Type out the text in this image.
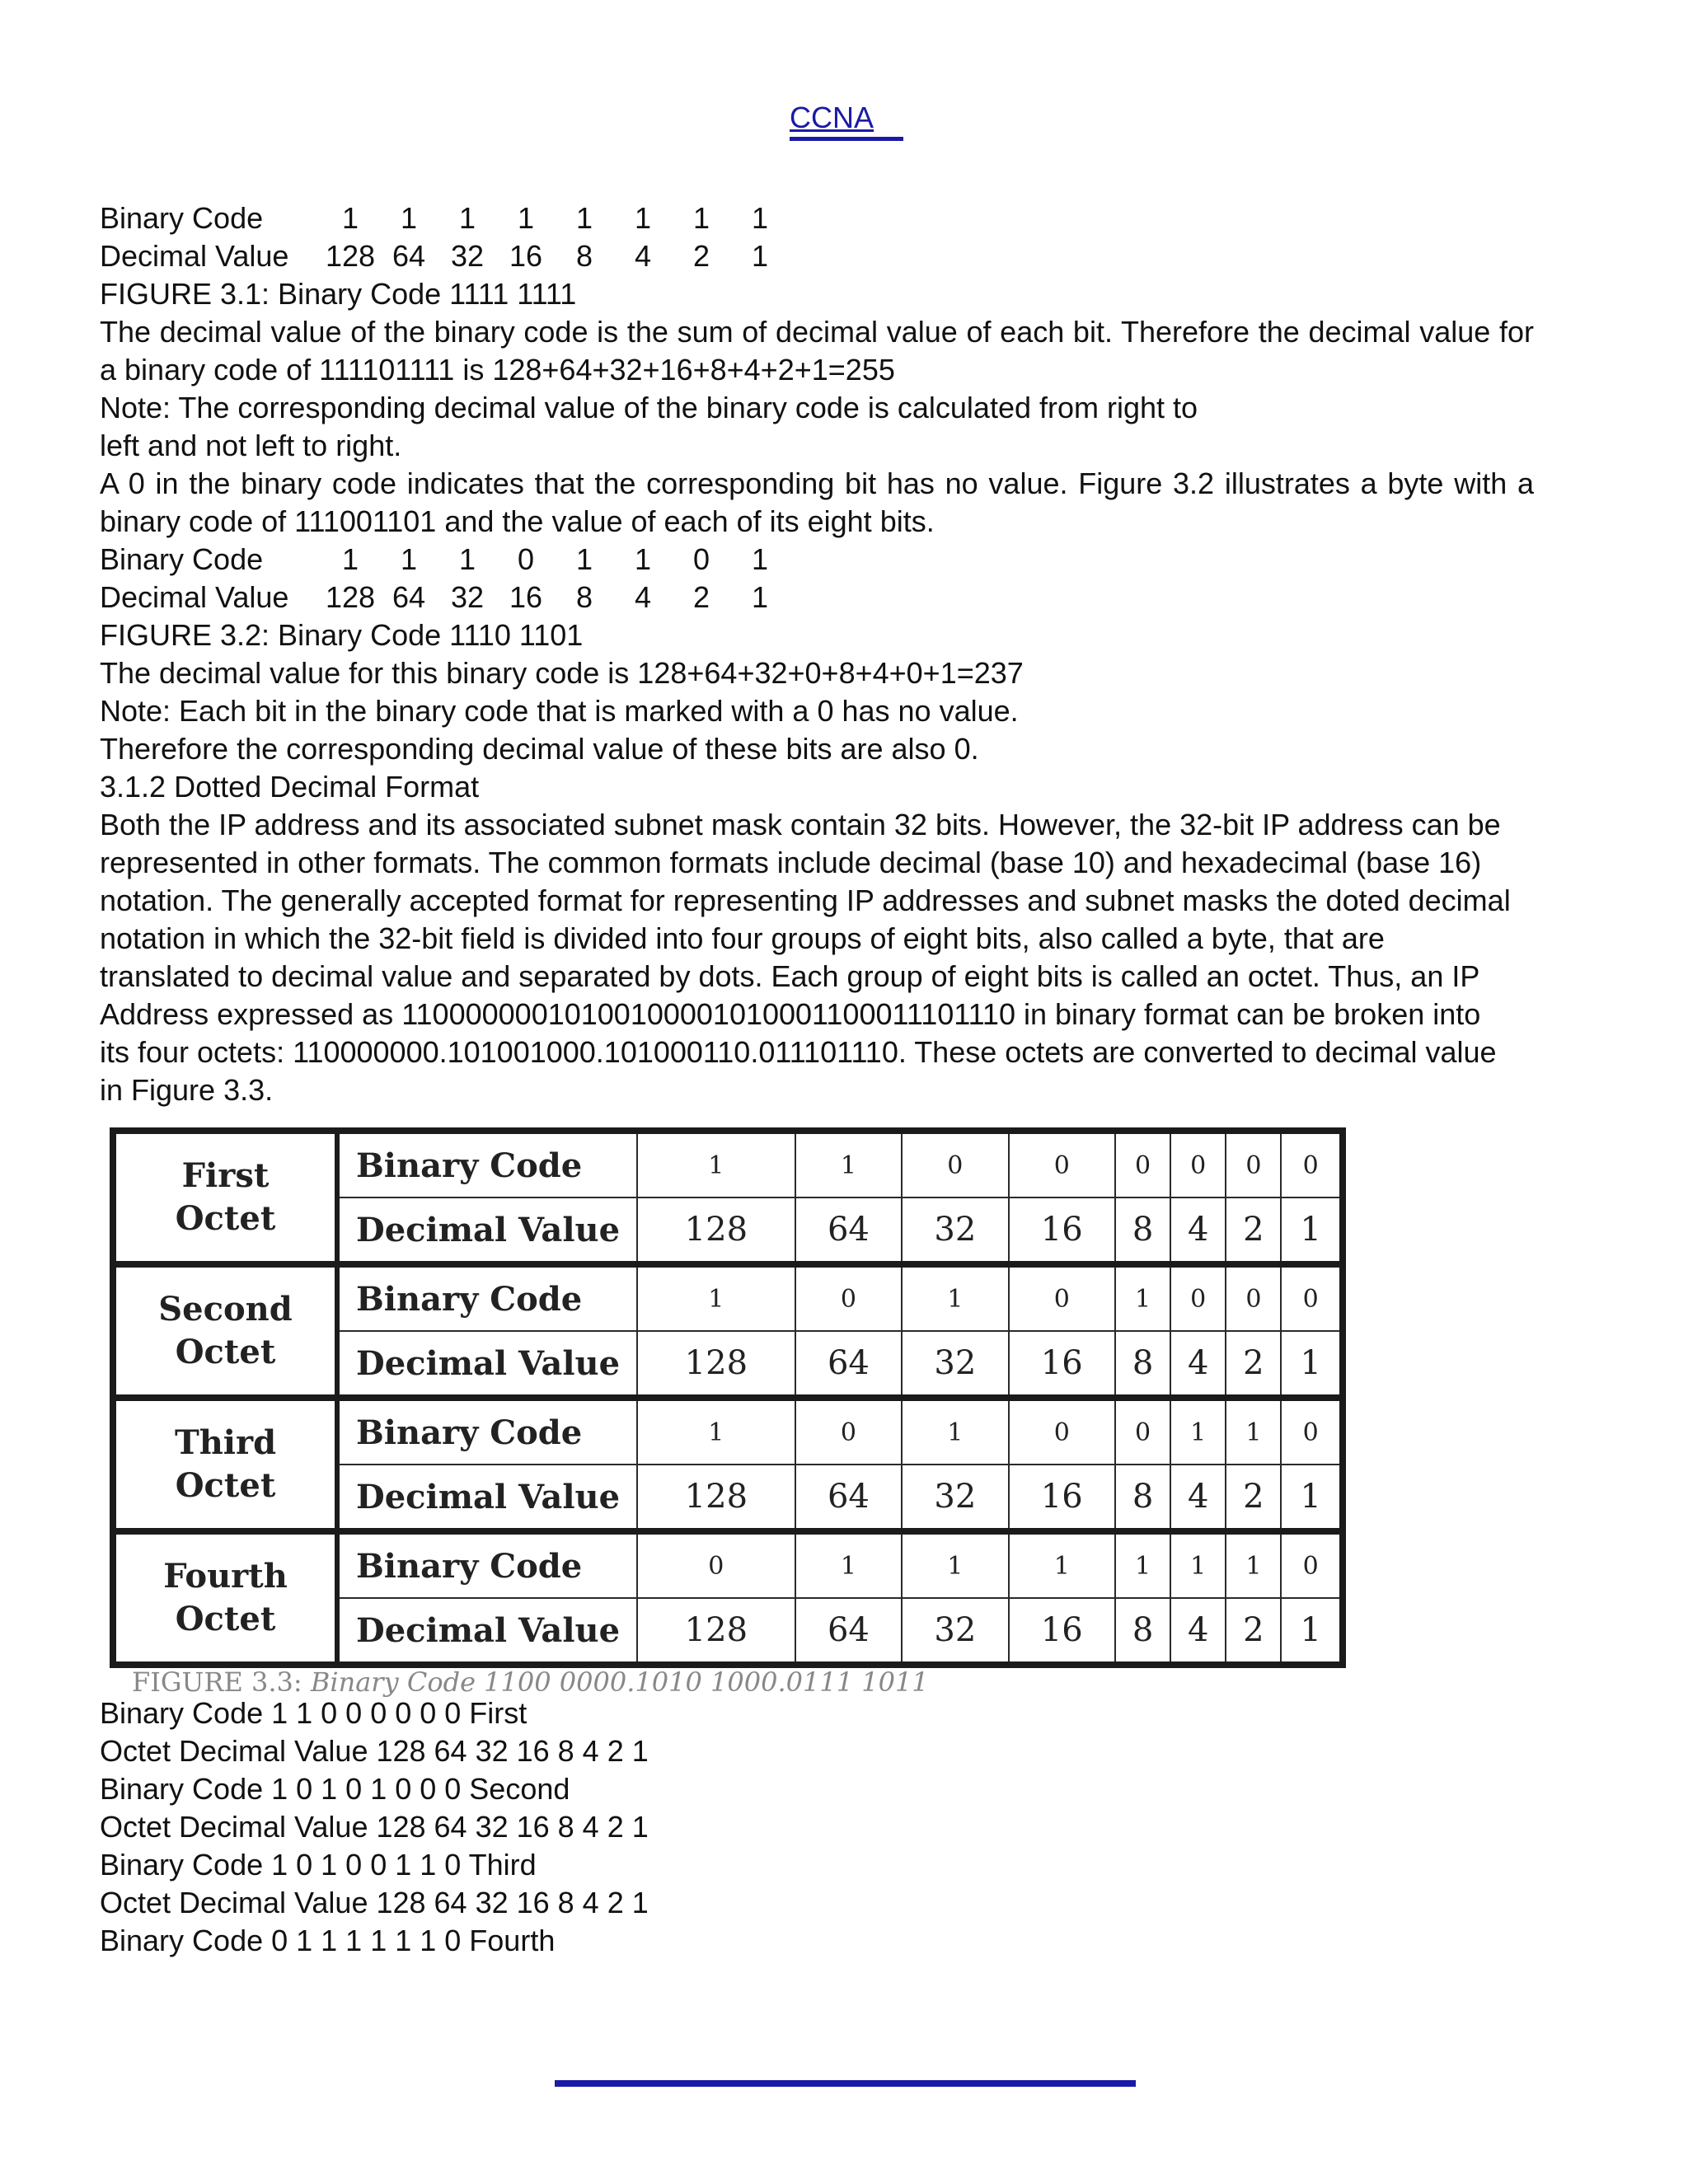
CCNA
Binary Code	1	1	1	1	1	1	1	1
Decimal Value 128 64 32 16	8	4	2	1

FIGURE 3.1: Binary Code 1111 1111

The decimal value of the binary code is the sum of decimal value of each bit. Therefore the decimal value for a binary code of 111101111 is 128+64+32+16+8+4+2+1=255

Note: The corresponding decimal value of the binary code is calculated from right to

left and not left to right.

A 0 in the binary code indicates that the corresponding bit has no value. Figure 3.2 illustrates a byte with a binary code of 111001101 and the value of each of its eight bits.

Binary Code	1	1	1	0	1	1	0	1
Decimal Value 128 64 32 16	8	4	2	1

FIGURE 3.2: Binary Code 1110 1101

The decimal value for this binary code is 128+64+32+0+8+4+0+1=237

Note: Each bit in the binary code that is marked with a 0 has no value.

Therefore the corresponding decimal value of these bits are also 0.

3.1.2 Dotted Decimal Format

Both the IP address and its associated subnet mask contain 32 bits. However, the 32-bit IP address can be

represented in other formats. The common formats include decimal (base 10) and hexadecimal (base 16)

notation. The generally accepted format for representing IP addresses and subnet masks the doted decimal

notation in which the 32-bit field is divided into four groups of eight bits, also called a byte, that are

translated to decimal value and separated by dots. Each group of eight bits is called an octet. Thus, an IP

Address expressed as 11000000010100100001010001100011101110 in binary format can be broken into

its four octets: 110000000.101001000.101000110.011101110. These octets are converted to decimal value

in Figure 3.3.

First
Octet	Binary Code	1	1	0	0	0	0	0	0
	Decimal Value	128	64	32	16	8	4	2	1
Second
Octet	Binary Code	1	0	1	0	1	0	0	0
	Decimal Value	128	64	32	16	8	4	2	1
Third
Octet	Binary Code	1	0	1	0	0	1	1	0
	Decimal Value	128	64	32	16	8	4	2	1
Fourth
Octet	Binary Code	0	1	1	1	1	1	1	0
	Decimal Value	128	64	32	16	8	4	2	1
FIGURE 3.3: Binary Code 1100 0000.1010 1000.0111 1011

Binary Code 1 1 0 0 0 0 0 0 First

Octet Decimal Value 128 64 32 16 8 4 2 1

Binary Code 1 0 1 0 1 0 0 0 Second

Octet Decimal Value 128 64 32 16 8 4 2 1

Binary Code 1 0 1 0 0 1 1 0 Third

Octet Decimal Value 128 64 32 16 8 4 2 1

Binary Code 0 1 1 1 1 1 1 0 Fourth
